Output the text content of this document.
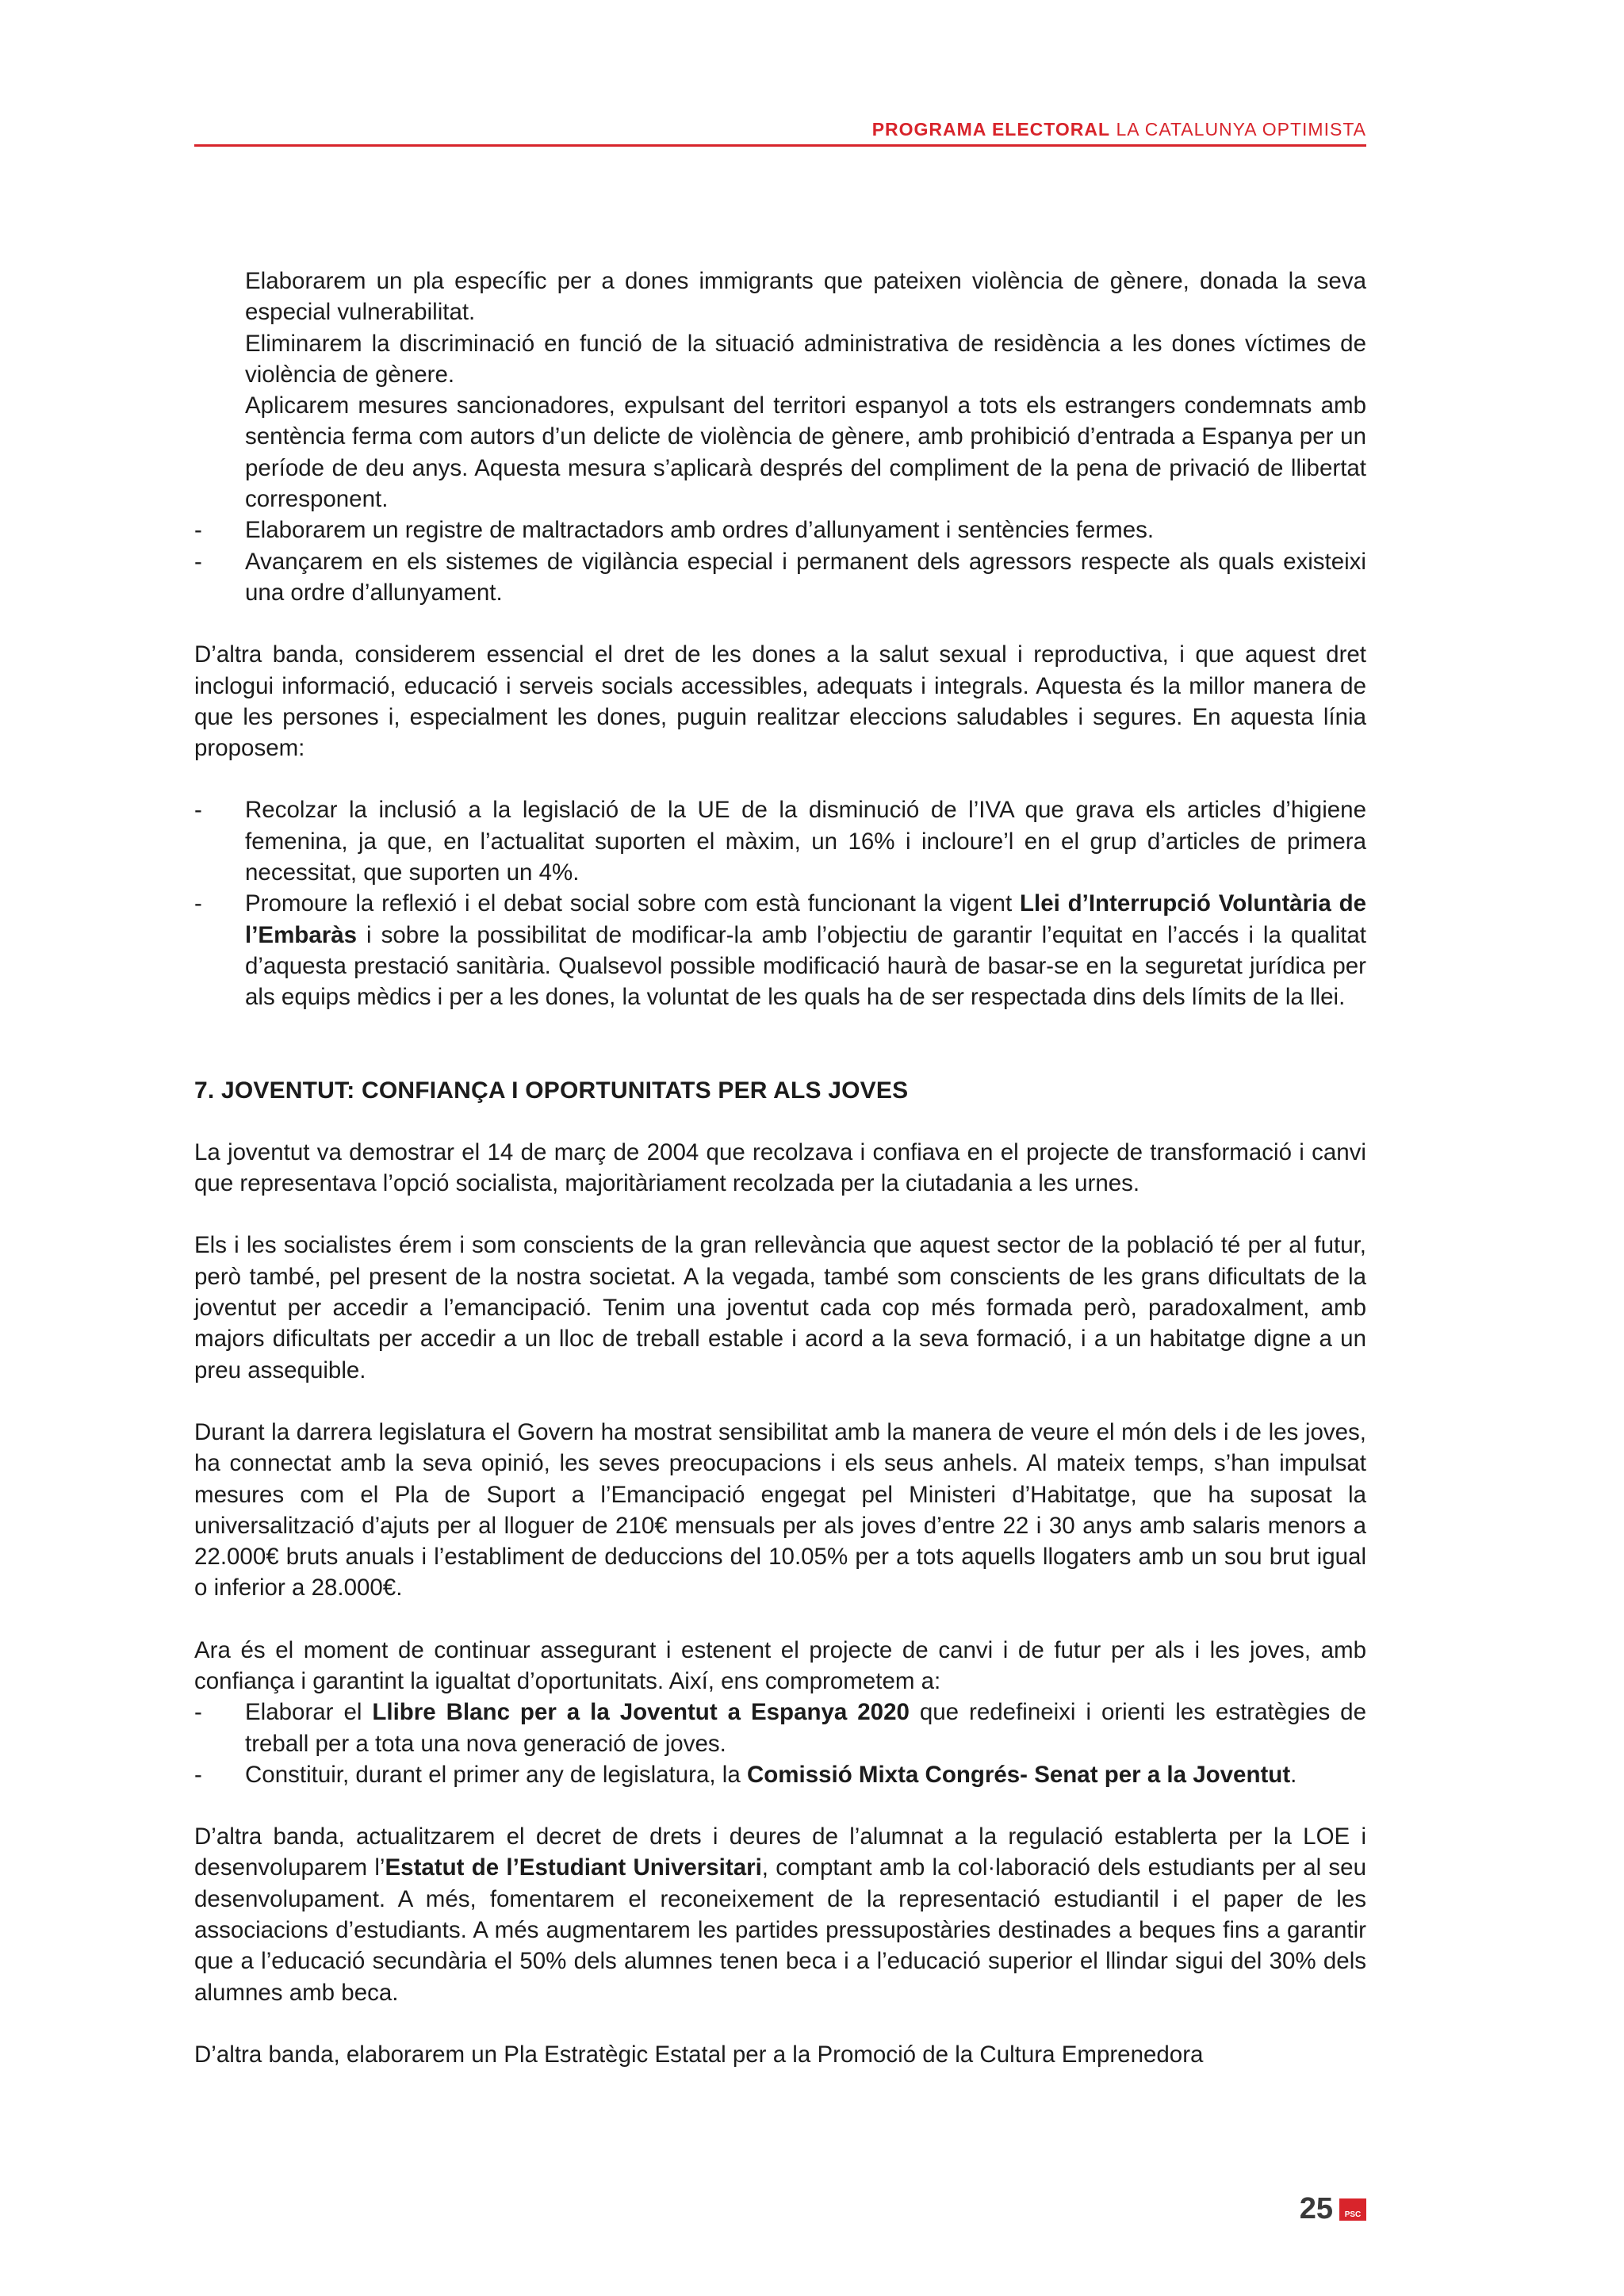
PROGRAMA ELECTORAL LA CATALUNYA OPTIMISTA
Elaborarem un pla específic per a dones immigrants que pateixen violència de gènere, donada la seva especial vulnerabilitat.
Eliminarem la discriminació en funció de la situació administrativa de residència a les dones víctimes de violència de gènere.
Aplicarem mesures sancionadores, expulsant del territori espanyol a tots els estrangers condemnats amb sentència ferma com autors d’un delicte de violència de gènere, amb prohibició d’entrada a Espanya per un període de deu anys. Aquesta mesura s’aplicarà després del compliment de la pena de privació de llibertat corresponent.
- Elaborarem un registre de maltractadors amb ordres d’allunyament i sentències fermes.
- Avançarem en els sistemes de vigilància especial i permanent dels agressors respecte als quals existeixi una ordre d’allunyament.

D’altra banda, considerem essencial el dret de les dones a la salut sexual i reproductiva, i que aquest dret inclogui informació, educació i serveis socials accessibles, adequats i integrals. Aquesta és la millor manera de que les persones i, especialment les dones, puguin realitzar eleccions saludables i segures. En aquesta línia proposem:

- Recolzar la inclusió a la legislació de la UE de la disminució de l’IVA que grava els articles d’higiene femenina, ja que, en l’actualitat suporten el màxim, un 16% i incloure’l en el grup d’articles de primera necessitat, que suporten un 4%.
- Promoure la reflexió i el debat social sobre com està funcionant la vigent Llei d’Interrupció Voluntària de l’Embaràs i sobre la possibilitat de modificar-la amb l’objectiu de garantir l’equitat en l’accés i la qualitat d’aquesta prestació sanitària. Qualsevol possible modificació haurà de basar-se en la seguretat jurídica per als equips mèdics i per a les dones, la voluntat de les quals ha de ser respectada dins dels límits de la llei.

7. JOVENTUT: CONFIANÇA I OPORTUNITATS PER ALS JOVES

La joventut va demostrar el 14 de març de 2004 que recolzava i confiava en el projecte de transformació i canvi que representava l’opció socialista, majoritàriament recolzada per la ciutadania a les urnes.

Els i les socialistes érem i som conscients de la gran rellevància que aquest sector de la població té per al futur, però també, pel present de la nostra societat. A la vegada, també som conscients de les grans dificultats de la joventut per accedir a l’emancipació. Tenim una joventut cada cop més formada però, paradoxalment, amb majors dificultats per accedir a un lloc de treball estable i acord a la seva formació, i a un habitatge digne a un preu assequible.

Durant la darrera legislatura el Govern ha mostrat sensibilitat amb la manera de veure el món dels i de les joves, ha connectat amb la seva opinió, les seves preocupacions i els seus anhels. Al mateix temps, s’han impulsat mesures com el Pla de Suport a l’Emancipació engegat pel Ministeri d’Habitatge, que ha suposat la universalització d’ajuts per al lloguer de 210€ mensuals per als joves d’entre 22 i 30 anys amb salaris menors a 22.000€ bruts anuals i l’establiment de deduccions del 10.05% per a tots aquells llogaters amb un sou brut igual o inferior a 28.000€.

Ara és el moment de continuar assegurant i estenent el projecte de canvi i de futur per als i les joves, amb confiança i garantint la igualtat d’oportunitats. Així, ens comprometem a:

- Elaborar el Llibre Blanc per a la Joventut a Espanya 2020 que redefineixi i orienti les estratègies de treball per a tota una nova generació de joves.
- Constituir, durant el primer any de legislatura, la Comissió Mixta Congrés- Senat per a la Joventut.

D’altra banda, actualitzarem el decret de drets i deures de l’alumnat a la regulació establerta per la LOE i desenvoluparem l’Estatut de l’Estudiant Universitari, comptant amb la col·laboració dels estudiants per al seu desenvolupament. A més, fomentarem el reconeixement de la representació estudiantil i el paper de les associacions d’estudiants. A més augmentarem les partides pressupostàries destinades a beques fins a garantir que a l’educació secundària el 50% dels alumnes tenen beca i a l’educació superior el llindar sigui del 30% dels alumnes amb beca.

D’altra banda, elaborarem un Pla Estratègic Estatal per a la Promoció de la Cultura Emprenedora

25	PSC
